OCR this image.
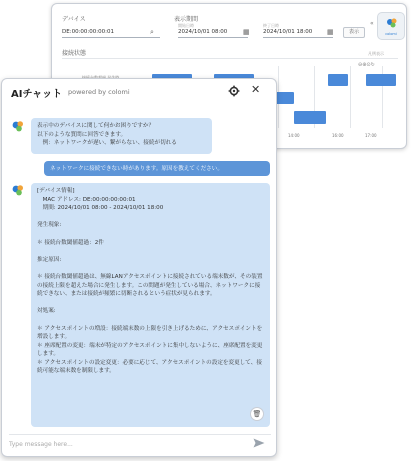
デバイス
DE:00:00:00:00:01	⌕
表示期間
開始日時
2024/10/01 08:00	▦
終了日時
2024/10/01 18:00	▦	表示	colomi
«
接続状態	凡例表示
⊖⊕⊙↻
14:00	16:00	17:00
AIチャット powered by colomi	✕
表示中のデバイスに関して何かお困りですか？
以下のような質問に回答できます。
　例：ネットワークが遅い、繋がらない、接続が切れる
ネットワークに接続できない時があります。原因を教えてください。
[デバイス情報]
　MAC アドレス: DE:00:00:00:00:01
　期間: 2024/10/01 08:00 - 2024/10/01 18:00

発生現象:

＊ 接続台数閾値超過：2件

推定原因:

＊ 接続台数閾値超過は、無線LANアクセスポイントに接続されている端末数が、その装置の接続上限を超えた場合に発生します。この問題が発生している場合、ネットワークに接続できない、または接続が頻繁に切断されるという症状が見られます。

対処案:

＊ アクセスポイントの増設：接続端末数の上限を引き上げるために、アクセスポイントを増設します。
＊ 座席配置の変更：端末が特定のアクセスポイントに集中しないように、座席配置を変更します。
＊ アクセスポイントの設定変更：必要に応じて、アクセスポイントの設定を変更して、接続可能な端末数を制限します。
🗑
Type message here...
